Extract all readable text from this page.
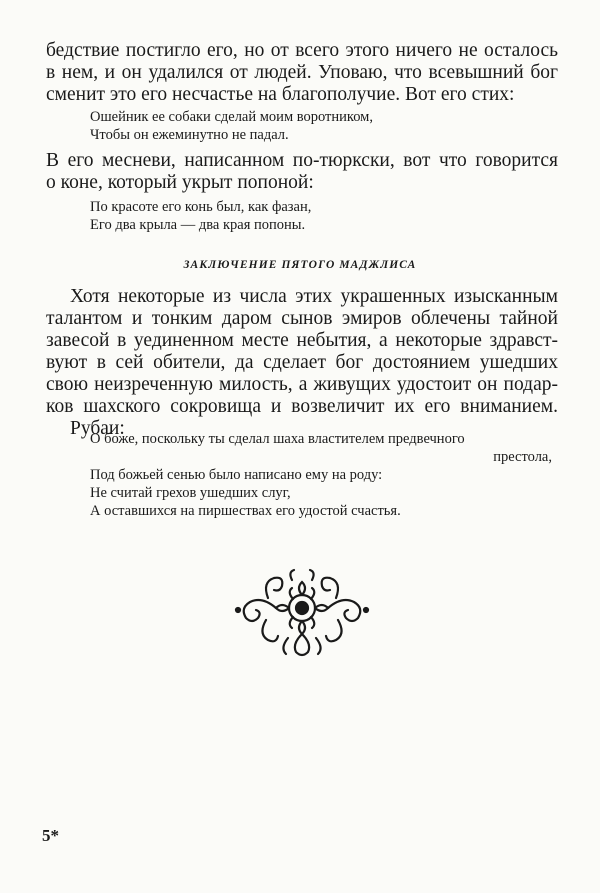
бедствие постигло его, но от всего этого ничего не осталось
в нем, и он удалился от людей. Уповаю, что всевышний бог
сменит это его несчастье на благополучие. Вот его стих:
Ошейник ее собаки сделай моим воротником,
Чтобы он ежеминутно не падал.
В его месневи, написанном по-тюркски, вот что говорится
о коне, который укрыт попоной:
По красоте его конь был, как фазан,
Его два крыла — два края попоны.
ЗАКЛЮЧЕНИЕ ПЯТОГО МАДЖЛИСА
Хотя некоторые из числа этих украшенных изысканным
талантом и тонким даром сынов эмиров облечены тайной
завесой в уединенном месте небытия, а некоторые здравст-
вуют в сей обители, да сделает бог достоянием ушедших
свою неизреченную милость, а живущих удостоит он подар-
ков шахского сокровища и возвеличит их его вниманием.
Рубаи:
О боже, поскольку ты сделал шаха властителем предвечного
престола,
Под божьей сенью было написано ему на роду:
Не считай грехов ушедших слуг,
А оставшихся на пиршествах его удостой счастья.
5*
